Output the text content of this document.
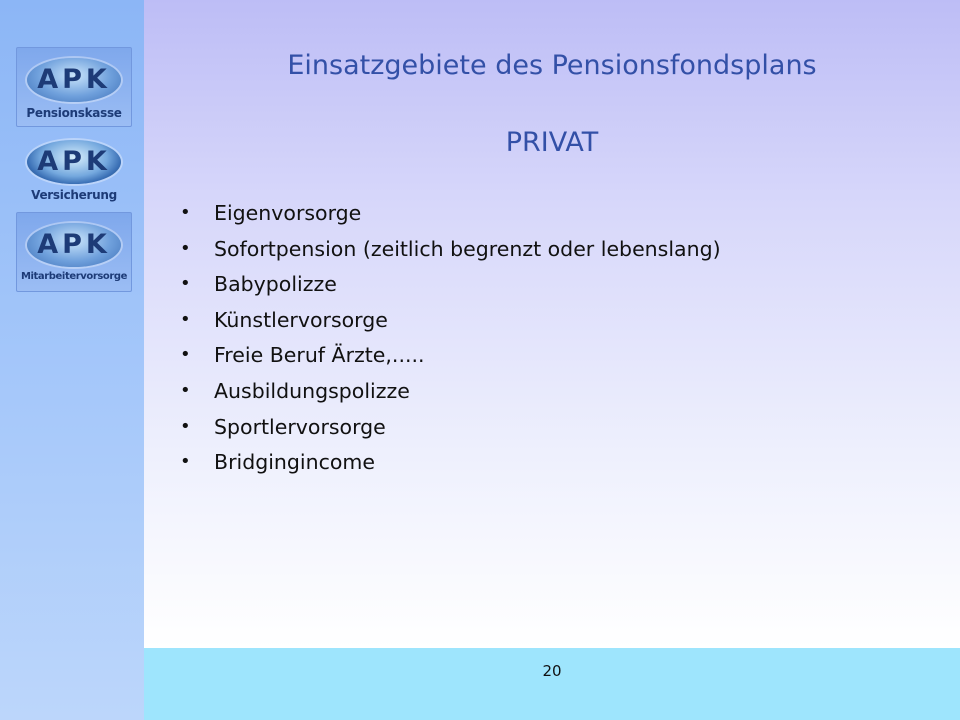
APK
Pensionskasse
APK
Versicherung
APK
Mitarbeitervorsorge
Einsatzgebiete des Pensionsfondsplans
PRIVAT
• Eigenvorsorge
• Sofortpension (zeitlich begrenzt oder lebenslang)
• Babypolizze
• Künstlervorsorge
• Freie Beruf Ärzte,.....
• Ausbildungspolizze
• Sportlervorsorge
• Bridgingincome
20
